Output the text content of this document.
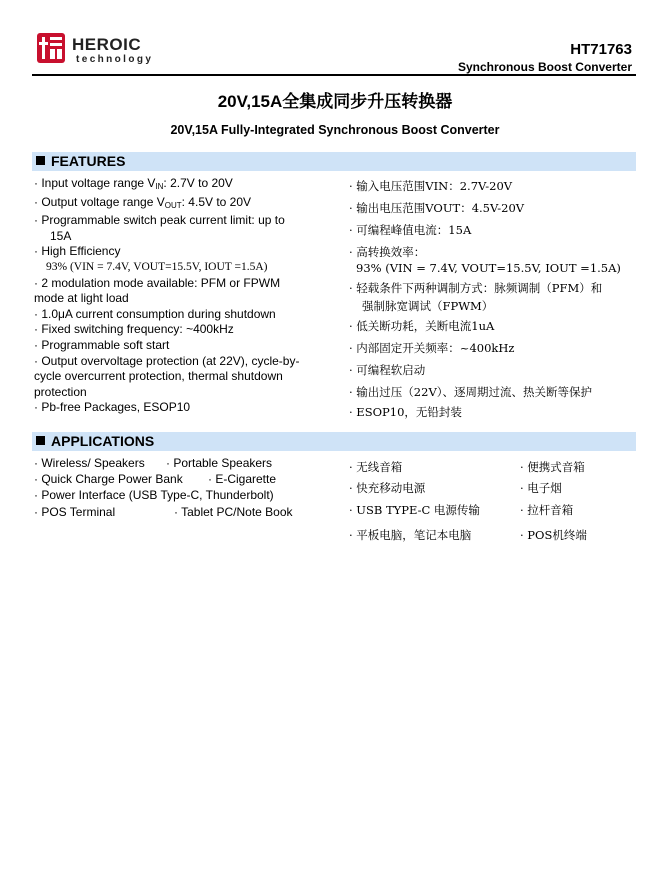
HEROIC
technology
HT71763
Synchronous Boost Converter
20V,15A全集成同步升压转换器
20V,15A Fully-Integrated Synchronous Boost Converter
FEATURES
· Input voltage range $V_{IN}$: 2.7V to 20V
· Output voltage range $V_{OUT}$: 4.5V to 20V
· Programmable switch peak current limit: up to
15A
· High Efficiency
93% (VIN = 7.4V, VOUT=15.5V, IOUT =1.5A)
· 2 modulation mode available: PFM or FPWM
mode at light load
· 1.0μA current consumption during shutdown
· Fixed switching frequency: ~400kHz
· Programmable soft start
· Output overvoltage protection (at 22V), cycle-by-
cycle overcurrent protection, thermal shutdown
protection
· Pb-free Packages, ESOP10
· 输入电压范围VIN：2.7V-20V
· 输出电压范围VOUT：4.5V-20V
· 可编程峰值电流：15A
· 高转换效率：
93% (VIN = 7.4V, VOUT=15.5V, IOUT =1.5A)
· 轻载条件下两种调制方式：脉频调制（PFM）和
强制脉宽调试（FPWM）
· 低关断功耗，关断电流1uA
· 内部固定开关频率：~400kHz
· 可编程软启动
· 输出过压（22V）、逐周期过流、热关断等保护
· ESOP10，无铅封装
APPLICATIONS
· Wireless/ Speakers · Portable Speakers
· Quick Charge Power Bank · E-Cigarette
· Power Interface (USB Type-C, Thunderbolt)
· POS Terminal	· Tablet PC/Note Book
· 无线音箱	· 便携式音箱
· 快充移动电源	· 电子烟
· USB TYPE-C 电源传输	· 拉杆音箱
· 平板电脑，笔记本电脑	· POS机终端
